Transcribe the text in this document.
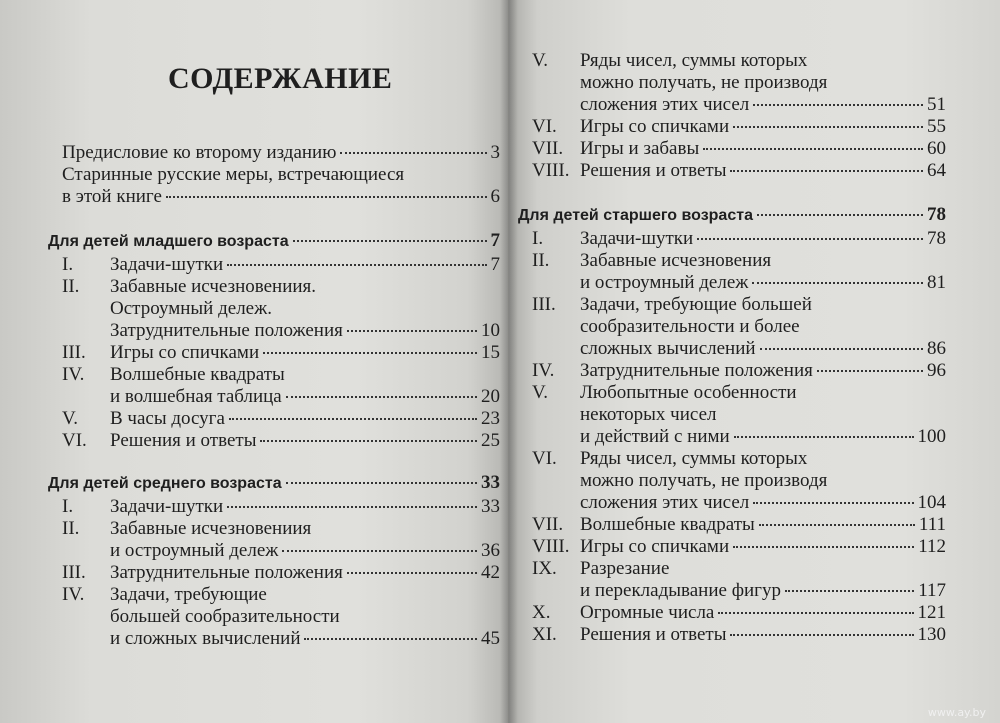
СОДЕРЖАНИЕ
Предисловие ко второму изданию	3
Старинные русские меры, встречающиеся
в этой книге	6
Для детей младшего возраста	7
I.	Задачи-шутки	7
II.	Забавные исчезновениия.
Остроумный дележ.
Затруднительные положения	10
III.	Игры со спичками	15
IV.	Волшебные квадраты
и волшебная таблица	20
V.	В часы досуга	23
VI.	Решения и ответы	25
Для детей среднего возраста	33
I.	Задачи-шутки	33
II.	Забавные исчезновениия
и остроумный дележ	36
III.	Затруднительные положения	42
IV.	Задачи, требующие
большей сообразительности
и сложных вычислений	45
V.	Ряды чисел, суммы которых
можно получать, не производя
сложения этих чисел	51
VI.	Игры со спичками	55
VII. Игры и забавы	60
VIII. Решения и ответы	64
Для детей старшего возраста	78
I.	Задачи-шутки	78
II.	Забавные исчезновения
и остроумный дележ	81
III.	Задачи, требующие большей
сообразительности и более
сложных вычислений	86
IV.	Затруднительные положения	96
V.	Любопытные особенности
некоторых чисел
и действий с ними	100
VI.	Ряды чисел, суммы которых
можно получать, не производя
сложения этих чисел	104
VII. Волшебные квадраты	111
VIII. Игры со спичками	112
IX.	Разрезание
и перекладывание фигур	117
X.	Огромные числа	121
XI.	Решения и ответы	130
www.ay.by
